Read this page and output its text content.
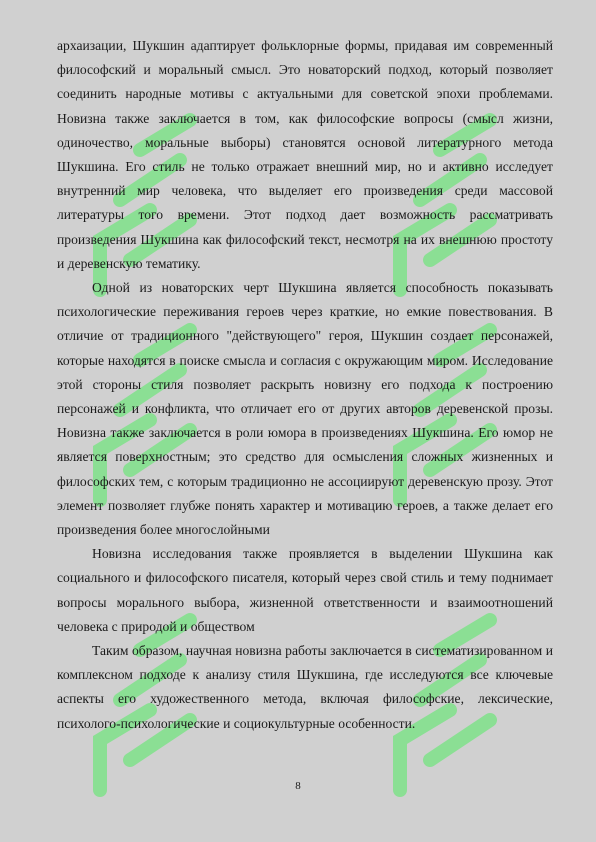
архаизации, Шукшин адаптирует фольклорные формы, придавая им современный философский и моральный смысл. Это новаторский подход, который позволяет соединить народные мотивы с актуальными для советской эпохи проблемами. Новизна также заключается в том, как философские вопросы (смысл жизни, одиночество, моральные выборы) становятся основой литературного метода Шукшина. Его стиль не только отражает внешний мир, но и активно исследует внутренний мир человека, что выделяет его произведения среди массовой литературы того времени. Этот подход дает возможность рассматривать произведения Шукшина как философский текст, несмотря на их внешнюю простоту и деревенскую тематику.

Одной из новаторских черт Шукшина является способность показывать психологические переживания героев через краткие, но емкие повествования. В отличие от традиционного "действующего" героя, Шукшин создает персонажей, которые находятся в поиске смысла и согласия с окружающим миром. Исследование этой стороны стиля позволяет раскрыть новизну его подхода к построению персонажей и конфликта, что отличает его от других авторов деревенской прозы. Новизна также заключается в роли юмора в произведениях Шукшина. Его юмор не является поверхностным; это средство для осмысления сложных жизненных и философских тем, с которым традиционно не ассоциируют деревенскую прозу. Этот элемент позволяет глубже понять характер и мотивацию героев, а также делает его произведения более многослойными

Новизна исследования также проявляется в выделении Шукшина как социального и философского писателя, который через свой стиль и тему поднимает вопросы морального выбора, жизненной ответственности и взаимоотношений человека с природой и обществом

Таким образом, научная новизна работы заключается в систематизированном и комплексном подходе к анализу стиля Шукшина, где исследуются все ключевые аспекты его художественного метода, включая философские, лексические, психолого-психологические и социокультурные особенности.

8
